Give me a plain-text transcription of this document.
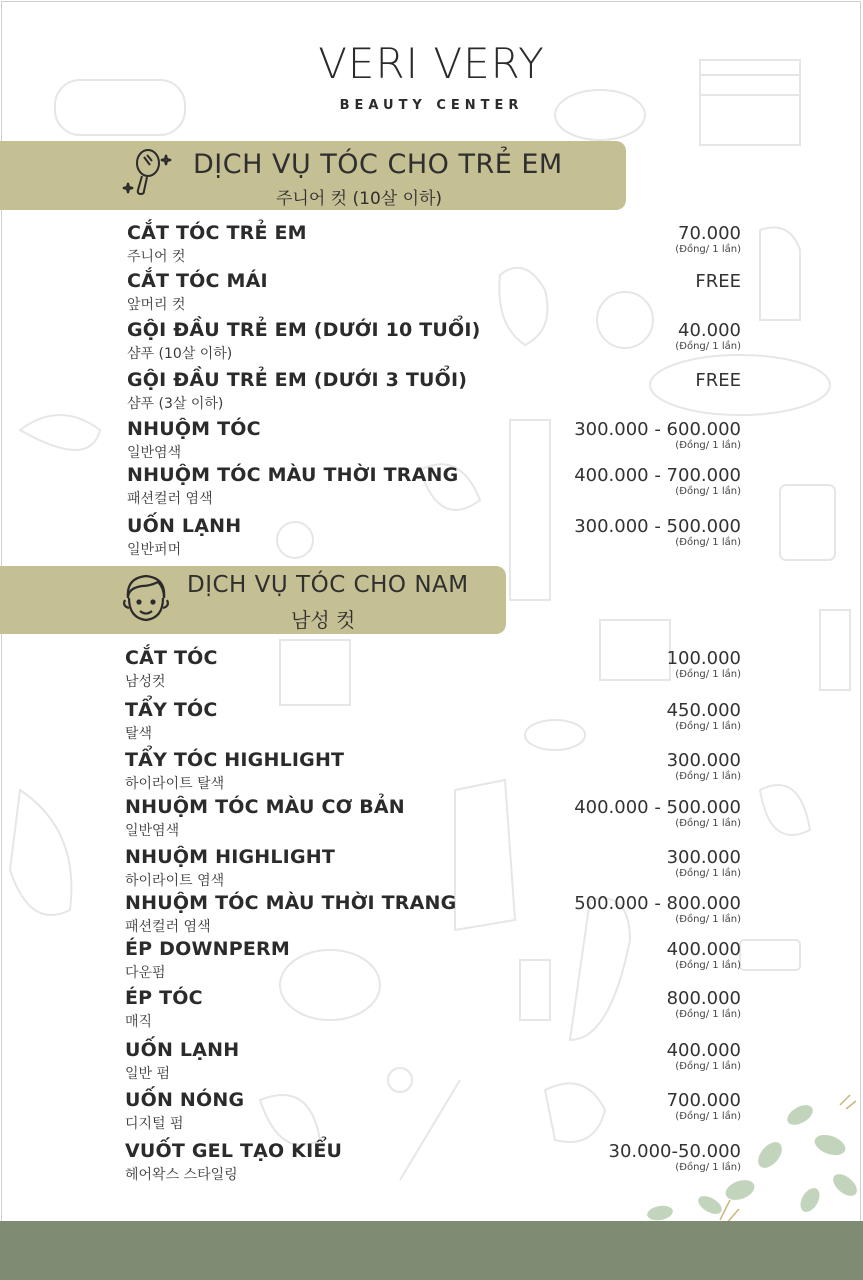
VERI VERY
BEAUTY CENTER
DỊCH VỤ TÓC CHO TRẺ EM
주니어 컷 (10살 이하)
CẮT TÓC TRẺ EM
주니어 컷
70.000
(Đồng/ 1 lần)
CẮT TÓC MÁI
앞머리 컷
FREE
GỘI ĐẦU TRẺ EM (DƯỚI 10 TUỔI)
샴푸 (10살 이하)
40.000
(Đồng/ 1 lần)
GỘI ĐẦU TRẺ EM (DƯỚI 3 TUỔI)
샴푸 (3살 이하)
FREE
NHUỘM TÓC
일반염색
300.000 - 600.000
(Đồng/ 1 lần)
NHUỘM TÓC MÀU THỜI TRANG
패션컬러 염색
400.000 - 700.000
(Đồng/ 1 lần)
UỐN LẠNH
일반퍼머
300.000 - 500.000
(Đồng/ 1 lần)
DỊCH VỤ TÓC CHO NAM
남성 컷
CẮT TÓC
남성컷
100.000
(Đồng/ 1 lần)
TẨY TÓC
탈색
450.000
(Đồng/ 1 lần)
TẨY TÓC HIGHLIGHT
하이라이트 탈색
300.000
(Đồng/ 1 lần)
NHUỘM TÓC MÀU CƠ BẢN
일반염색
400.000 - 500.000
(Đồng/ 1 lần)
NHUỘM HIGHLIGHT
하이라이트 염색
300.000
(Đồng/ 1 lần)
NHUỘM TÓC MÀU THỜI TRANG
패션컬러 염색
500.000 - 800.000
(Đồng/ 1 lần)
ÉP DOWNPERM
다운펌
400.000
(Đồng/ 1 lần)
ÉP TÓC
매직
800.000
(Đồng/ 1 lần)
UỐN LẠNH
일반 펌
400.000
(Đồng/ 1 lần)
UỐN NÓNG
디지털 펌
700.000
(Đồng/ 1 lần)
VUỐT GEL TẠO KIỂU
헤어왁스 스타일링
30.000-50.000
(Đồng/ 1 lần)
